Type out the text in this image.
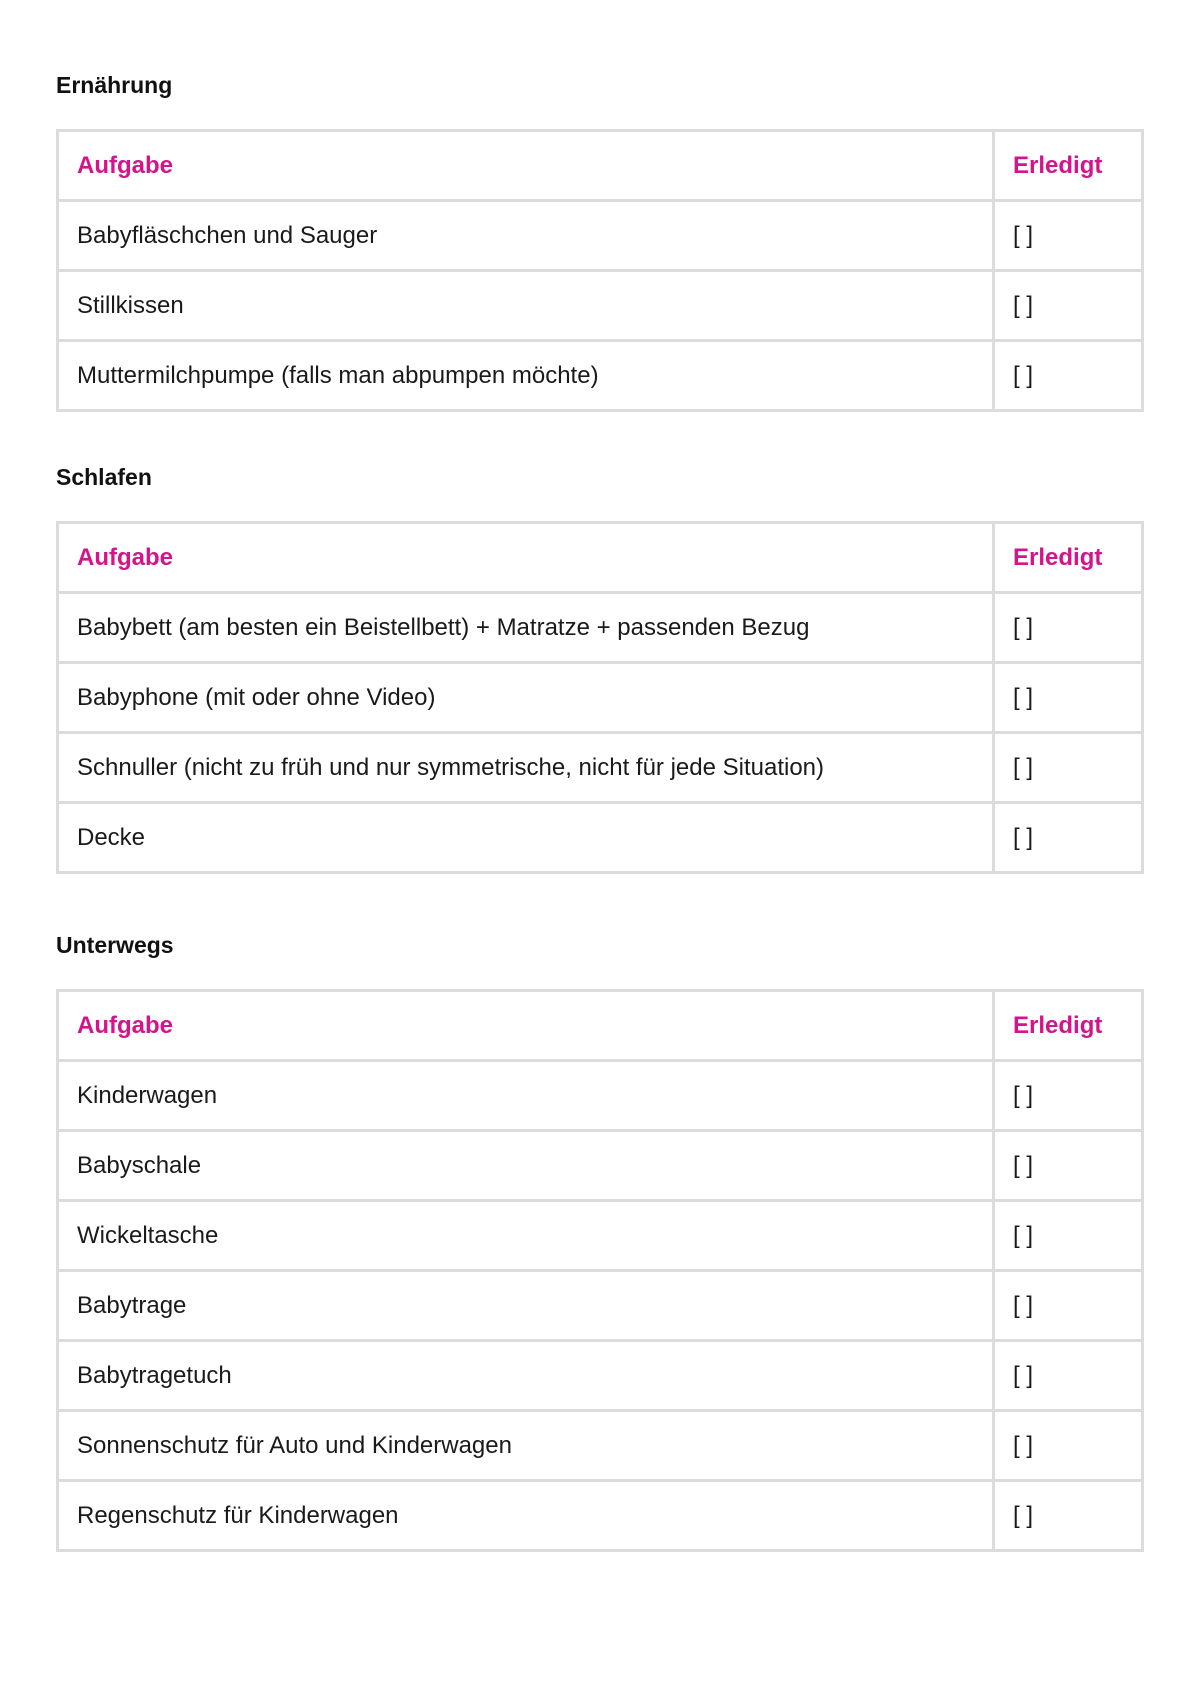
Ernährung
Aufgabe	Erledigt
Babyfläschchen und Sauger	[ ]
Stillkissen	[ ]
Muttermilchpumpe (falls man abpumpen möchte)	[ ]
Schlafen
Aufgabe	Erledigt
Babybett (am besten ein Beistellbett) + Matratze + passenden Bezug	[ ]
Babyphone (mit oder ohne Video)	[ ]
Schnuller (nicht zu früh und nur symmetrische, nicht für jede Situation)	[ ]
Decke	[ ]
Unterwegs
Aufgabe	Erledigt
Kinderwagen	[ ]
Babyschale	[ ]
Wickeltasche	[ ]
Babytrage	[ ]
Babytragetuch	[ ]
Sonnenschutz für Auto und Kinderwagen	[ ]
Regenschutz für Kinderwagen	[ ]
